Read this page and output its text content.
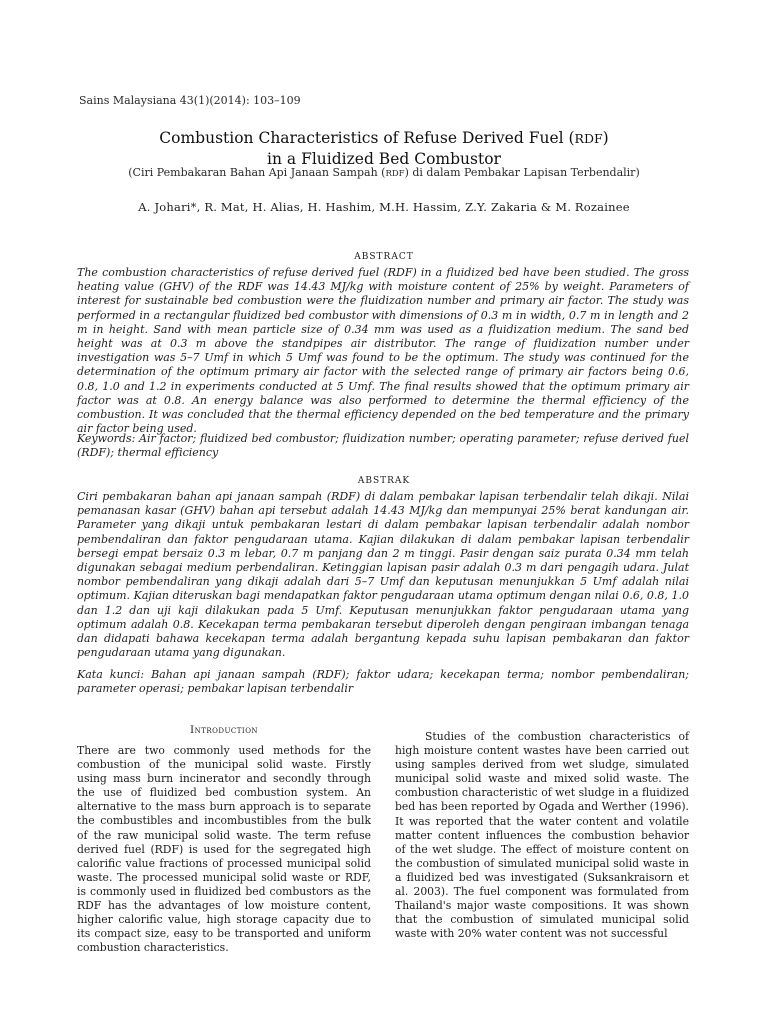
Sains Malaysiana 43(1)(2014): 103–109
Combustion Characteristics of Refuse Derived Fuel (RDF)
in a Fluidized Bed Combustor
(Ciri Pembakaran Bahan Api Janaan Sampah (RDF) di dalam Pembakar Lapisan Terbendalir)
A. Johari*, R. Mat, H. Alias, H. Hashim, M.H. Hassim, Z.Y. Zakaria & M. Rozainee
ABSTRACT

The combustion characteristics of refuse derived fuel (RDF) in a fluidized bed have been studied. The gross heating value (GHV) of the RDF was 14.43 MJ/kg with moisture content of 25% by weight. Parameters of interest for sustainable bed combustion were the fluidization number and primary air factor. The study was performed in a rectangular fluidized bed combustor with dimensions of 0.3 m in width, 0.7 m in length and 2 m in height. Sand with mean particle size of 0.34 mm was used as a fluidization medium. The sand bed height was at 0.3 m above the standpipes air distributor. The range of fluidization number under investigation was 5–7 Umf in which 5 Umf was found to be the optimum. The study was continued for the determination of the optimum primary air factor with the selected range of primary air factors being 0.6, 0.8, 1.0 and 1.2 in experiments conducted at 5 Umf. The final results showed that the optimum primary air factor was at 0.8. An energy balance was also performed to determine the thermal efficiency of the combustion. It was concluded that the thermal efficiency depended on the bed temperature and the primary air factor being used.

Keywords: Air factor; fluidized bed combustor; fluidization number; operating parameter; refuse derived fuel (RDF); thermal efficiency

ABSTRAK

Ciri pembakaran bahan api janaan sampah (RDF) di dalam pembakar lapisan terbendalir telah dikaji. Nilai pemanasan kasar (GHV) bahan api tersebut adalah 14.43 MJ/kg dan mempunyai 25% berat kandungan air. Parameter yang dikaji untuk pembakaran lestari di dalam pembakar lapisan terbendalir adalah nombor pembendaliran dan faktor pengudaraan utama. Kajian dilakukan di dalam pembakar lapisan terbendalir bersegi empat bersaiz 0.3 m lebar, 0.7 m panjang dan 2 m tinggi. Pasir dengan saiz purata 0.34 mm telah digunakan sebagai medium perbendaliran. Ketinggian lapisan pasir adalah 0.3 m dari pengagih udara. Julat nombor pembendaliran yang dikaji adalah dari 5–7 Umf dan keputusan menunjukkan 5 Umf adalah nilai optimum. Kajian diteruskan bagi mendapatkan faktor pengudaraan utama optimum dengan nilai 0.6, 0.8, 1.0 dan 1.2 dan uji kaji dilakukan pada 5 Umf. Keputusan menunjukkan faktor pengudaraan utama yang optimum adalah 0.8. Kecekapan terma pembakaran tersebut diperoleh dengan pengiraan imbangan tenaga dan didapati bahawa kecekapan terma adalah bergantung kepada suhu lapisan pembakaran dan faktor pengudaraan utama yang digunakan.

Kata kunci: Bahan api janaan sampah (RDF); faktor udara; kecekapan terma; nombor pembendaliran; parameter operasi; pembakar lapisan terbendalir

Introduction

There are two commonly used methods for the combustion of the municipal solid waste. Firstly using mass burn incinerator and secondly through the use of fluidized bed combustion system. An alternative to the mass burn approach is to separate the combustibles and incombustibles from the bulk of the raw municipal solid waste. The term refuse derived fuel (RDF) is used for the segregated high calorific value fractions of processed municipal solid waste. The processed municipal solid waste or RDF, is commonly used in fluidized bed combustors as the RDF has the advantages of low moisture content, higher calorific value, high storage capacity due to its compact size, easy to be transported and uniform combustion characteristics.

Studies of the combustion characteristics of high moisture content wastes have been carried out using samples derived from wet sludge, simulated municipal solid waste and mixed solid waste. The combustion characteristic of wet sludge in a fluidized bed has been reported by Ogada and Werther (1996). It was reported that the water content and volatile matter content influences the combustion behavior of the wet sludge. The effect of moisture content on the combustion of simulated municipal solid waste in a fluidized bed was investigated (Suksankraisorn et al. 2003). The fuel component was formulated from Thailand's major waste compositions. It was shown that the combustion of simulated municipal solid waste with 20% water content was not successful
